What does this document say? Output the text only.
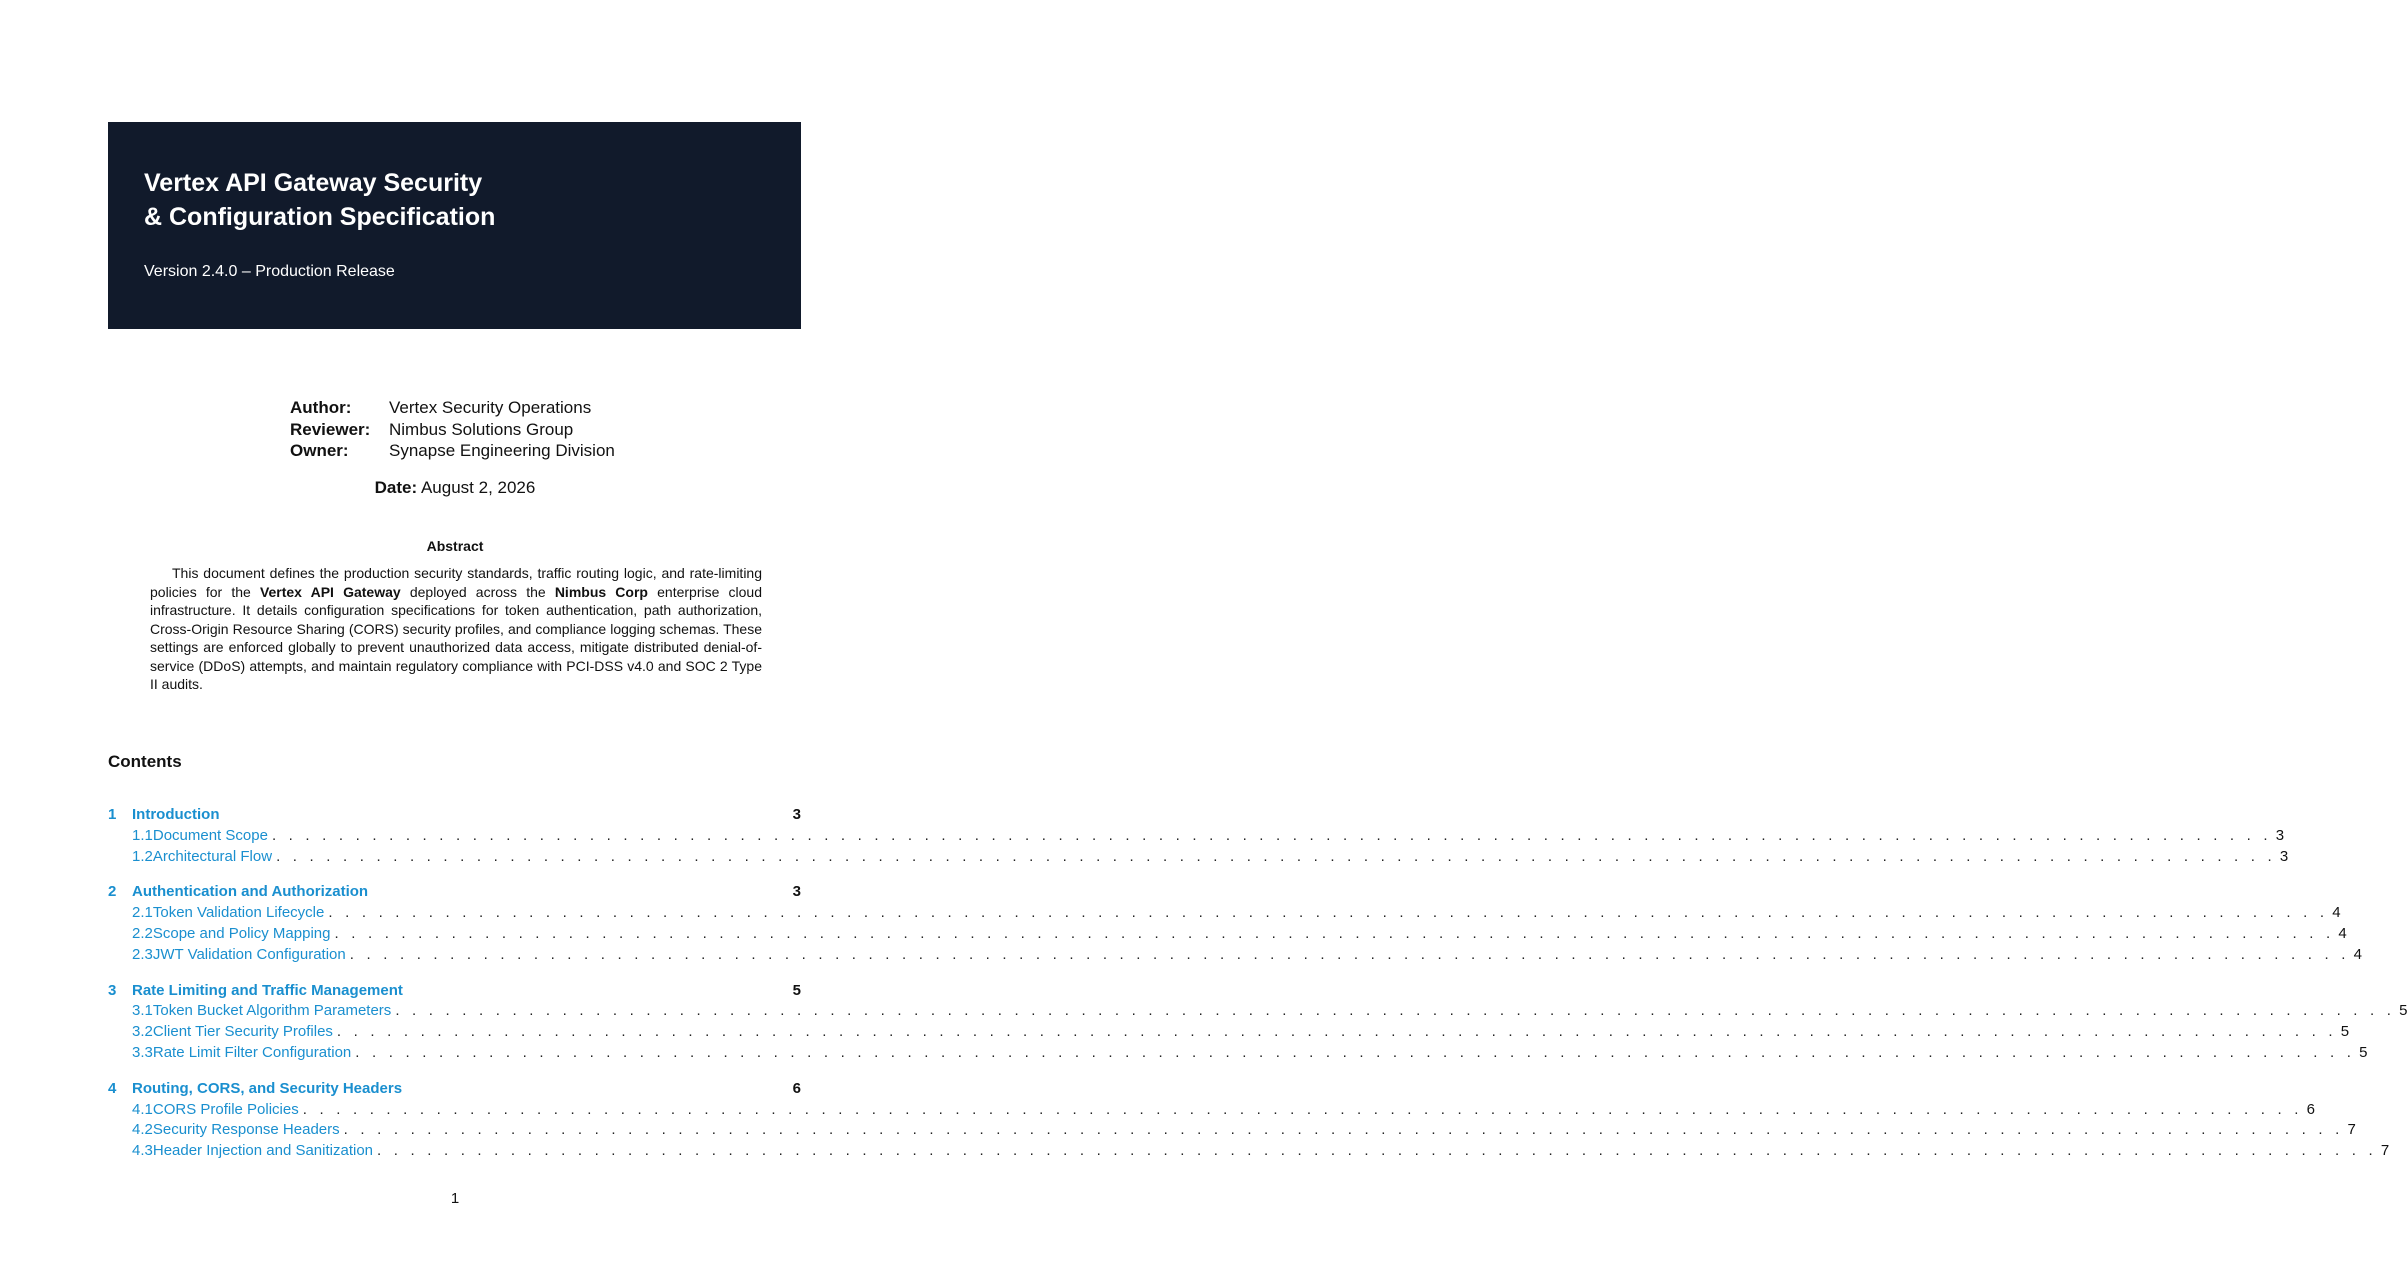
Vertex API Gateway Security
& Configuration Specification
Version 2.4.0 – Production Release
Author:	Vertex Security Operations
Reviewer:	Nimbus Solutions Group
Owner:	Synapse Engineering Division
Date: August 2, 2026
Abstract
This document defines the production security standards, traffic routing logic, and rate-limiting policies for the Vertex API Gateway deployed across the Nimbus Corp enterprise cloud infrastructure. It details configuration specifications for token authentication, path authorization, Cross-Origin Resource Sharing (CORS) security profiles, and compliance logging schemas. These settings are enforced globally to prevent unauthorized data access, mitigate distributed denial-of-service (DDoS) attempts, and maintain regulatory compliance with PCI-DSS v4.0 and SOC 2 Type II audits.
Contents
1	Introduction	3
1.1 Document Scope . . . . . . . . . . . . . . . . . . . . . . . . . . . . . . . . . . . . . . . . . . . . . . . . . . . . . . . . . . . . . . . . . . . . . . . . . . . . . . . . . . . . . . . . . . . . . . . . . . . . . . . . . . . . . . . . . . . . . . . . 3
1.2 Architectural Flow . . . . . . . . . . . . . . . . . . . . . . . . . . . . . . . . . . . . . . . . . . . . . . . . . . . . . . . . . . . . . . . . . . . . . . . . . . . . . . . . . . . . . . . . . . . . . . . . . . . . . . . . . . . . . . . . . . . . . . . . 3
2	Authentication and Authorization	3
2.1 Token Validation Lifecycle . . . . . . . . . . . . . . . . . . . . . . . . . . . . . . . . . . . . . . . . . . . . . . . . . . . . . . . . . . . . . . . . . . . . . . . . . . . . . . . . . . . . . . . . . . . . . . . . . . . . . . . . . . . . . . . . . . . . . . . . 4
2.2 Scope and Policy Mapping . . . . . . . . . . . . . . . . . . . . . . . . . . . . . . . . . . . . . . . . . . . . . . . . . . . . . . . . . . . . . . . . . . . . . . . . . . . . . . . . . . . . . . . . . . . . . . . . . . . . . . . . . . . . . . . . . . . . . . . . 4
2.3 JWT Validation Configuration . . . . . . . . . . . . . . . . . . . . . . . . . . . . . . . . . . . . . . . . . . . . . . . . . . . . . . . . . . . . . . . . . . . . . . . . . . . . . . . . . . . . . . . . . . . . . . . . . . . . . . . . . . . . . . . . . . . . . . . . 4
3	Rate Limiting and Traffic Management	5
3.1 Token Bucket Algorithm Parameters . . . . . . . . . . . . . . . . . . . . . . . . . . . . . . . . . . . . . . . . . . . . . . . . . . . . . . . . . . . . . . . . . . . . . . . . . . . . . . . . . . . . . . . . . . . . . . . . . . . . . . . . . . . . . . . . . . . . . . . . 5
3.2 Client Tier Security Profiles . . . . . . . . . . . . . . . . . . . . . . . . . . . . . . . . . . . . . . . . . . . . . . . . . . . . . . . . . . . . . . . . . . . . . . . . . . . . . . . . . . . . . . . . . . . . . . . . . . . . . . . . . . . . . . . . . . . . . . . . 5
3.3 Rate Limit Filter Configuration . . . . . . . . . . . . . . . . . . . . . . . . . . . . . . . . . . . . . . . . . . . . . . . . . . . . . . . . . . . . . . . . . . . . . . . . . . . . . . . . . . . . . . . . . . . . . . . . . . . . . . . . . . . . . . . . . . . . . . . . 5
4	Routing, CORS, and Security Headers	6
4.1 CORS Profile Policies . . . . . . . . . . . . . . . . . . . . . . . . . . . . . . . . . . . . . . . . . . . . . . . . . . . . . . . . . . . . . . . . . . . . . . . . . . . . . . . . . . . . . . . . . . . . . . . . . . . . . . . . . . . . . . . . . . . . . . . . 6
4.2 Security Response Headers . . . . . . . . . . . . . . . . . . . . . . . . . . . . . . . . . . . . . . . . . . . . . . . . . . . . . . . . . . . . . . . . . . . . . . . . . . . . . . . . . . . . . . . . . . . . . . . . . . . . . . . . . . . . . . . . . . . . . . . . 7
4.3 Header Injection and Sanitization . . . . . . . . . . . . . . . . . . . . . . . . . . . . . . . . . . . . . . . . . . . . . . . . . . . . . . . . . . . . . . . . . . . . . . . . . . . . . . . . . . . . . . . . . . . . . . . . . . . . . . . . . . . . . . . . . . . . . . . . 7
1
